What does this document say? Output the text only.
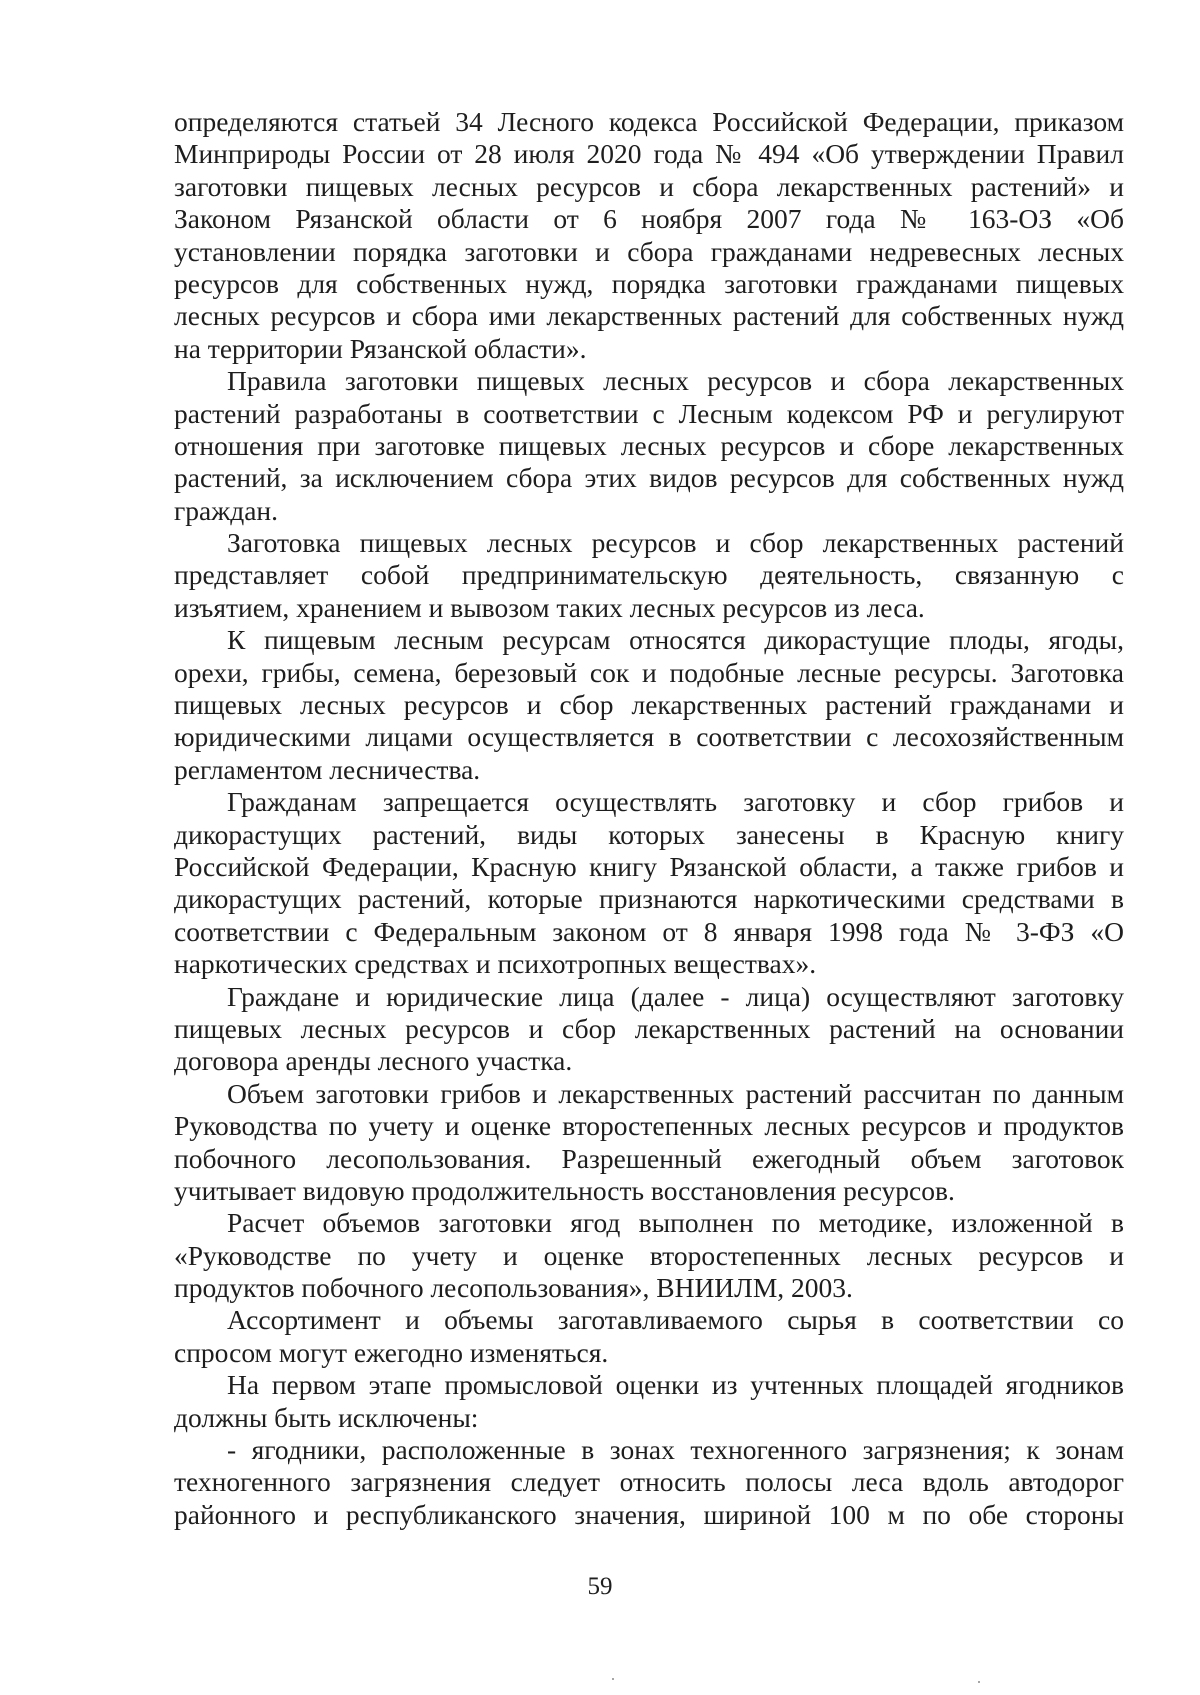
определяются статьей 34 Лесного кодекса Российской Федерации, приказом
Минприроды России от 28 июля 2020 года № 494 «Об утверждении Правил
заготовки пищевых лесных ресурсов и сбора лекарственных растений» и
Законом Рязанской области от 6 ноября 2007 года № 163-ОЗ «Об
установлении порядка заготовки и сбора гражданами недревесных лесных
ресурсов для собственных нужд, порядка заготовки гражданами пищевых
лесных ресурсов и сбора ими лекарственных растений для собственных нужд
на территории Рязанской области».
Правила заготовки пищевых лесных ресурсов и сбора лекарственных
растений разработаны в соответствии с Лесным кодексом РФ и регулируют
отношения при заготовке пищевых лесных ресурсов и сборе лекарственных
растений, за исключением сбора этих видов ресурсов для собственных нужд
граждан.
Заготовка пищевых лесных ресурсов и сбор лекарственных растений
представляет собой предпринимательскую деятельность, связанную с
изъятием, хранением и вывозом таких лесных ресурсов из леса.
К пищевым лесным ресурсам относятся дикорастущие плоды, ягоды,
орехи, грибы, семена, березовый сок и подобные лесные ресурсы. Заготовка
пищевых лесных ресурсов и сбор лекарственных растений гражданами и
юридическими лицами осуществляется в соответствии с лесохозяйственным
регламентом лесничества.
Гражданам запрещается осуществлять заготовку и сбор грибов и
дикорастущих растений, виды которых занесены в Красную книгу
Российской Федерации, Красную книгу Рязанской области, а также грибов и
дикорастущих растений, которые признаются наркотическими средствами в
соответствии с Федеральным законом от 8 января 1998 года № 3-ФЗ «О
наркотических средствах и психотропных веществах».
Граждане и юридические лица (далее - лица) осуществляют заготовку
пищевых лесных ресурсов и сбор лекарственных растений на основании
договора аренды лесного участка.
Объем заготовки грибов и лекарственных растений рассчитан по данным
Руководства по учету и оценке второстепенных лесных ресурсов и продуктов
побочного лесопользования. Разрешенный ежегодный объем заготовок
учитывает видовую продолжительность восстановления ресурсов.
Расчет объемов заготовки ягод выполнен по методике, изложенной в
«Руководстве по учету и оценке второстепенных лесных ресурсов и
продуктов побочного лесопользования», ВНИИЛМ, 2003.
Ассортимент и объемы заготавливаемого сырья в соответствии со
спросом могут ежегодно изменяться.
На первом этапе промысловой оценки из учтенных площадей ягодников
должны быть исключены:
- ягодники, расположенные в зонах техногенного загрязнения; к зонам
техногенного загрязнения следует относить полосы леса вдоль автодорог
районного и республиканского значения, шириной 100 м по обе стороны
59
